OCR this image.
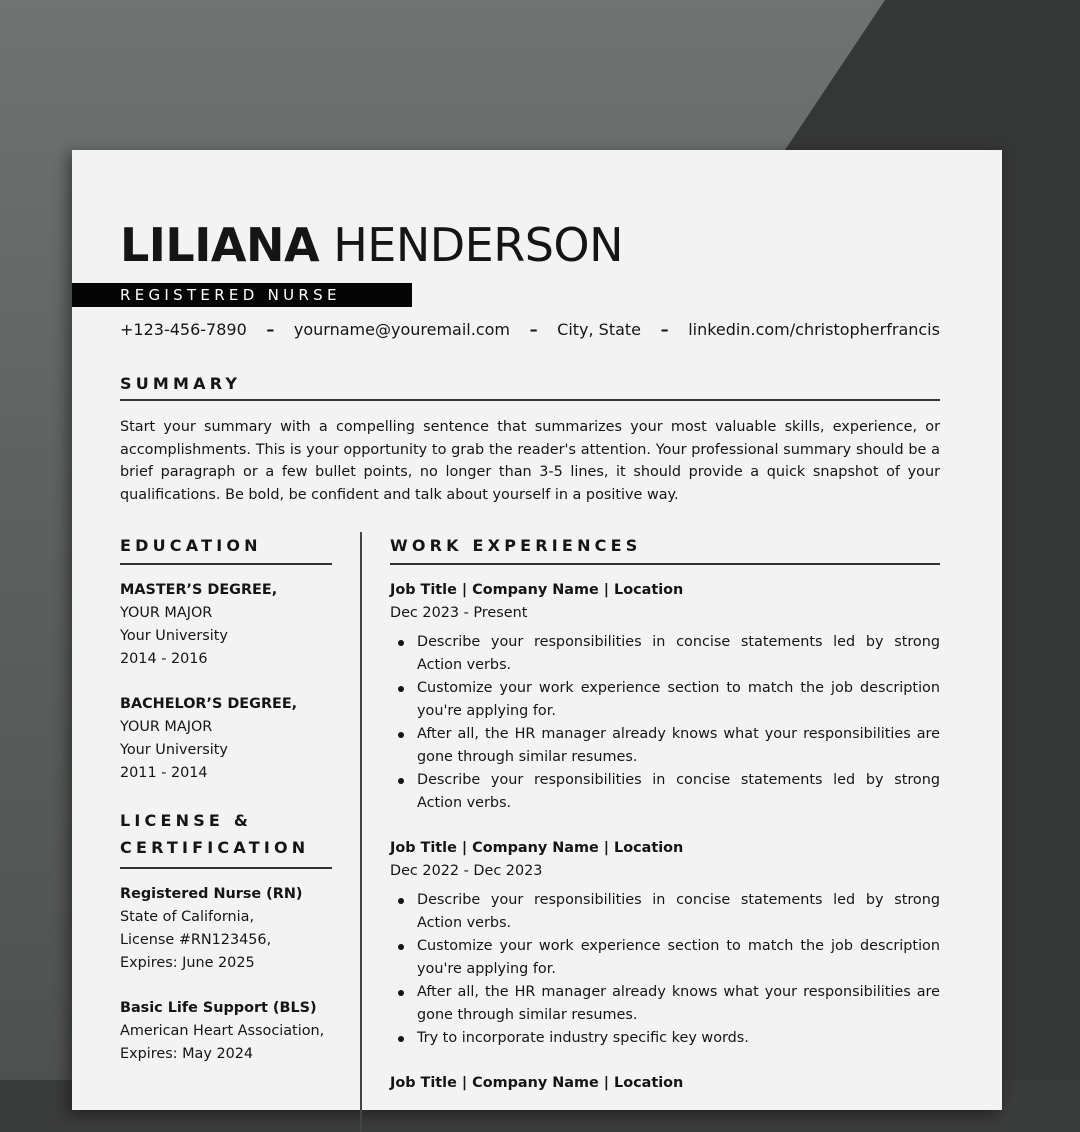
LILIANA HENDERSON
REGISTERED NURSE
+123-456-7890 – yourname@youremail.com – City, State – linkedin.com/christopherfrancis
SUMMARY
Start your summary with a compelling sentence that summarizes your most valuable skills, experience, or accomplishments. This is your opportunity to grab the reader's attention. Your professional summary should be a brief paragraph or a few bullet points, no longer than 3-5 lines, it should provide a quick snapshot of your qualifications. Be bold, be confident and talk about yourself in a positive way.
EDUCATION
MASTER’S DEGREE,
YOUR MAJOR
Your University
2014 - 2016
BACHELOR’S DEGREE,
YOUR MAJOR
Your University
2011 - 2014
LICENSE &
CERTIFICATION
Registered Nurse (RN)
State of California,
License #RN123456,
Expires: June 2025
Basic Life Support (BLS)
American Heart Association,
Expires: May 2024
WORK EXPERIENCES
Job Title | Company Name | Location
Dec 2023 - Present
Describe your responsibilities in concise statements led by strong Action verbs.
Customize your work experience section to match the job description you're applying for.
After all, the HR manager already knows what your responsibilities are gone through similar resumes.
Describe your responsibilities in concise statements led by strong Action verbs.
Job Title | Company Name | Location
Dec 2022 - Dec 2023
Describe your responsibilities in concise statements led by strong Action verbs.
Customize your work experience section to match the job description you're applying for.
After all, the HR manager already knows what your responsibilities are gone through similar resumes.
Try to incorporate industry specific key words.
Job Title | Company Name | Location
